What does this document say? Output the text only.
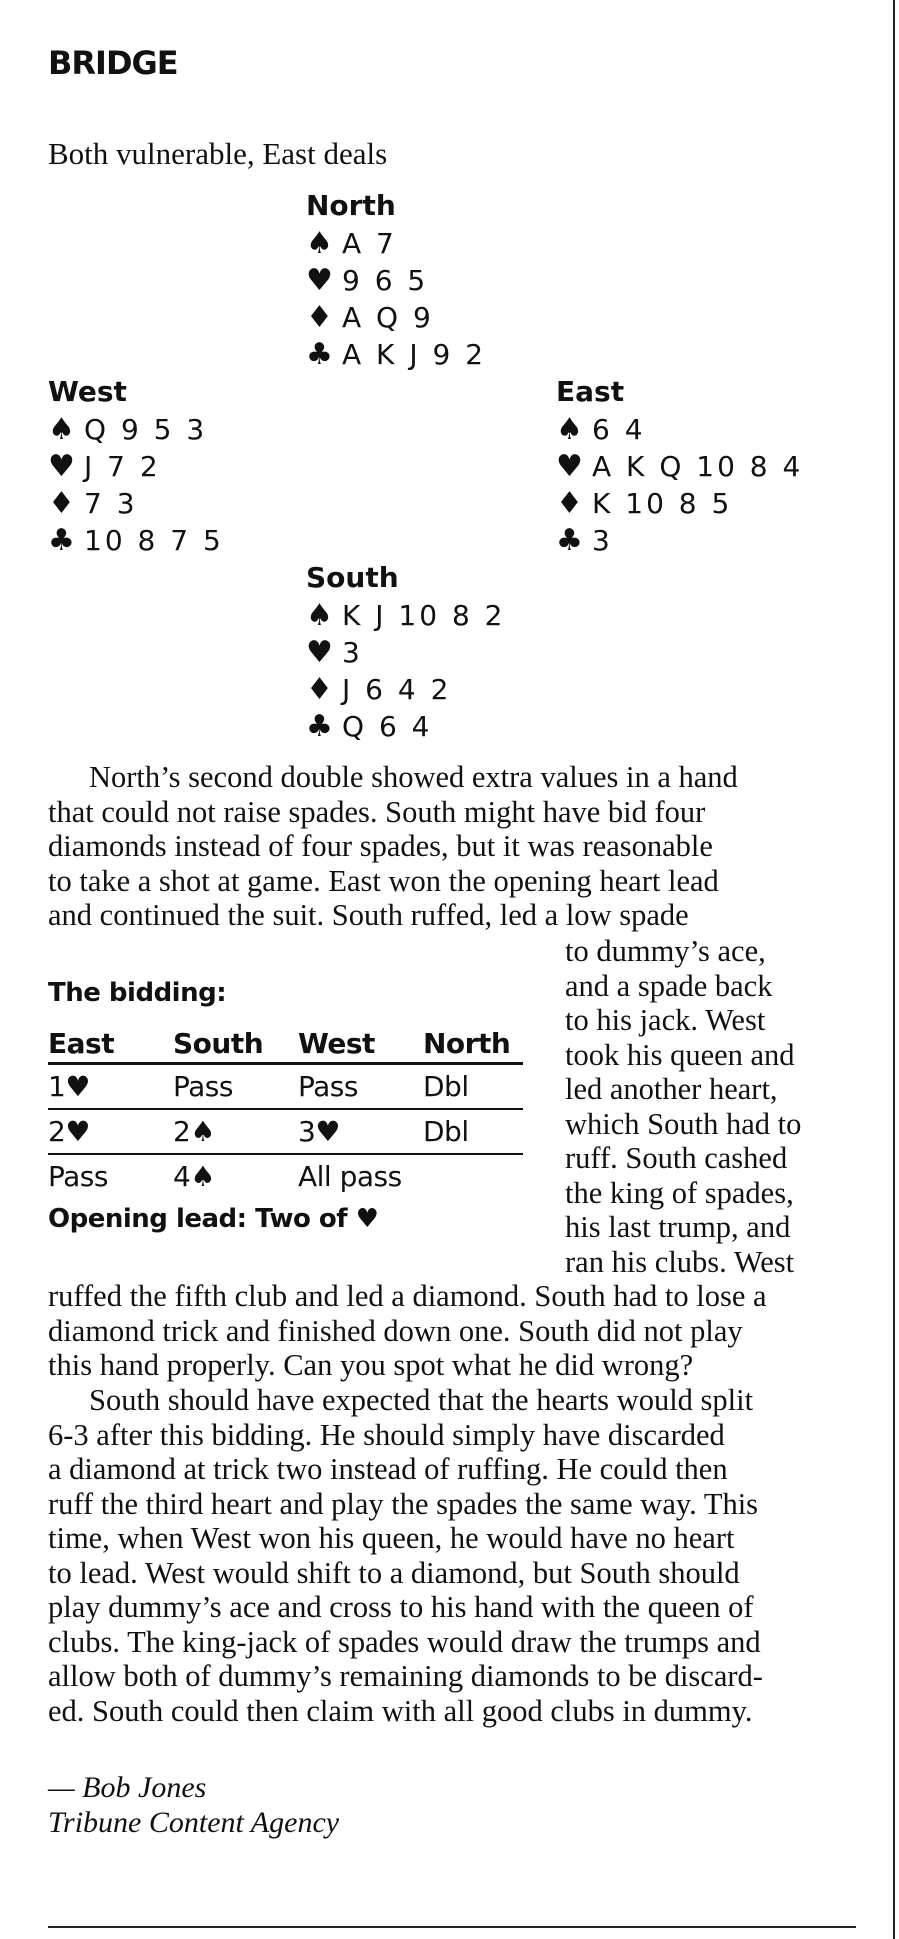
BRIDGE
Both vulnerable, East deals
North
♠ A 7
♥ 9 6 5
♦ A Q 9
♣ A K J 9 2
West
♠ Q 9 5 3
♥ J 7 2
♦ 7 3
♣ 10 8 7 5
East
♠ 6 4
♥ A K Q 10 8 4
♦ K 10 8 5
♣ 3
South
♠ K J 10 8 2
♥ 3
♦ J 6 4 2
♣ Q 6 4
North’s second double showed extra values in a hand
that could not raise spades. South might have bid four
diamonds instead of four spades, but it was reasonable
to take a shot at game. East won the opening heart lead
and continued the suit. South ruffed, led a low spade
to dummy’s ace,
and a spade back
to his jack. West
took his queen and
led another heart,
which South had to
ruff. South cashed
the king of spades,
his last trump, and
ran his clubs. West
The bidding:
East	South	West	North
1♥	Pass	Pass	Dbl
2♥	2♠	3♥	Dbl
Pass	4♠	All pass	
Opening lead: Two of ♥
ruffed the fifth club and led a diamond. South had to lose a
diamond trick and finished down one. South did not play
this hand properly. Can you spot what he did wrong?
South should have expected that the hearts would split
6-3 after this bidding. He should simply have discarded
a diamond at trick two instead of ruffing. He could then
ruff the third heart and play the spades the same way. This
time, when West won his queen, he would have no heart
to lead. West would shift to a diamond, but South should
play dummy’s ace and cross to his hand with the queen of
clubs. The king-jack of spades would draw the trumps and
allow both of dummy’s remaining diamonds to be discard-
ed. South could then claim with all good clubs in dummy.
— Bob Jones
Tribune Content Agency
